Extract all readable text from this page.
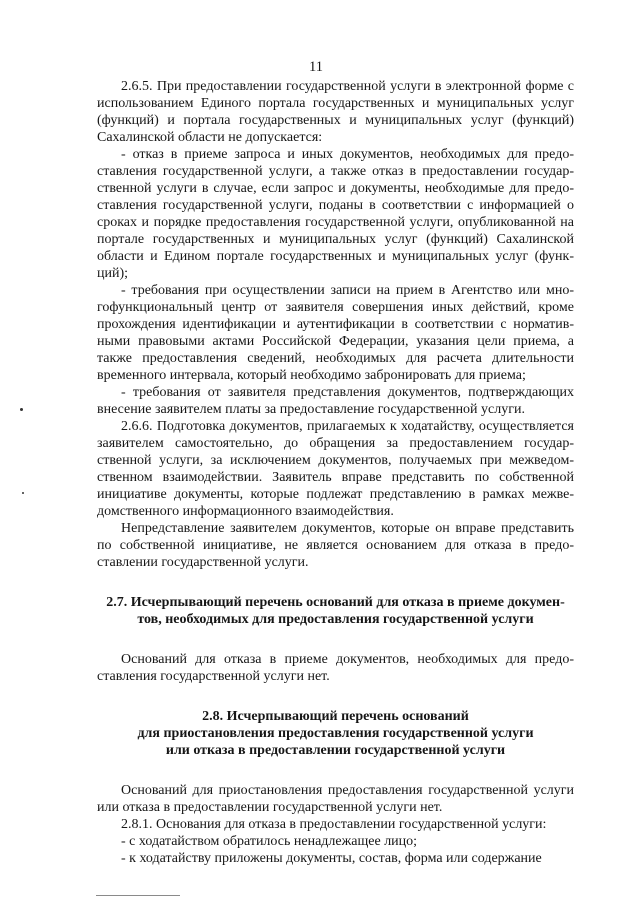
11

2.6.5. При предоставлении государственной услуги в электронной форме с использованием Единого портала государственных и муниципальных услуг (функций) и портала государственных и муниципальных услуг (функций) Сахалинской области не допускается:

- отказ в приеме запроса и иных документов, необходимых для предоставления государственной услуги, а также отказ в предоставлении государственной услуги в случае, если запрос и документы, необходимые для предоставления государственной услуги, поданы в соответствии с информацией о сроках и порядке предоставления государственной услуги, опубликованной на портале государственных и муниципальных услуг (функций) Сахалинской области и Едином портале государственных и муниципальных услуг (функций);

- требования при осуществлении записи на прием в Агентство или многофункциональный центр от заявителя совершения иных действий, кроме прохождения идентификации и аутентификации в соответствии с нормативными правовыми актами Российской Федерации, указания цели приема, а также предоставления сведений, необходимых для расчета длительности временного интервала, который необходимо забронировать для приема;

- требования от заявителя представления документов, подтверждающих внесение заявителем платы за предоставление государственной услуги.

2.6.6. Подготовка документов, прилагаемых к ходатайству, осуществляется заявителем самостоятельно, до обращения за предоставлением государственной услуги, за исключением документов, получаемых при межведомственном взаимодействии. Заявитель вправе представить по собственной инициативе документы, которые подлежат представлению в рамках межведомственного информационного взаимодействия.

Непредставление заявителем документов, которые он вправе представить по собственной инициативе, не является основанием для отказа в предоставлении государственной услуги.

2.7. Исчерпывающий перечень оснований для отказа в приеме документов, необходимых для предоставления государственной услуги

Оснований для отказа в приеме документов, необходимых для предоставления государственной услуги нет.

2.8. Исчерпывающий перечень оснований
для приостановления предоставления государственной услуги
или отказа в предоставлении государственной услуги

Оснований для приостановления предоставления государственной услуги или отказа в предоставлении государственной услуги нет.

2.8.1. Основания для отказа в предоставлении государственной услуги:

- с ходатайством обратилось ненадлежащее лицо;

- к ходатайству приложены документы, состав, форма или содержание
